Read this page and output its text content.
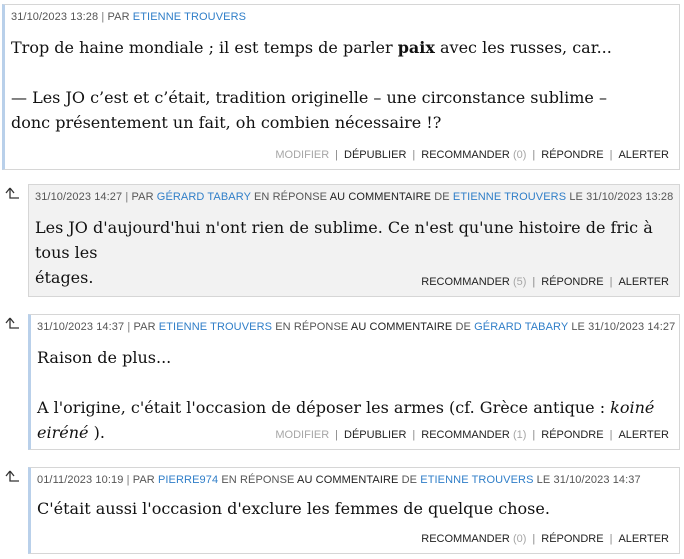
31/10/2023 13:28 | PAR ETIENNE TROUVERS

Trop de haine mondiale ; il est temps de parler paix avec les russes, car...

— Les JO c’est et c’était, tradition originelle – une circonstance sublime –

donc présentement un fait, oh combien nécessaire !?

MODIFIER | DÉPUBLIER | RECOMMANDER (0) | RÉPONDRE | ALERTER
31/10/2023 14:27 | PAR GÉRARD TABARY EN RÉPONSE AU COMMENTAIRE DE ETIENNE TROUVERS LE 31/10/2023 13:28

Les JO d'aujourd'hui n'ont rien de sublime. Ce n'est qu'une histoire de fric à tous les

étages.	RECOMMANDER (5) | RÉPONDRE | ALERTER
31/10/2023 14:37 | PAR ETIENNE TROUVERS EN RÉPONSE AU COMMENTAIRE DE GÉRARD TABARY LE 31/10/2023 14:27

Raison de plus...

A l'origine, c'était l'occasion de déposer les armes (cf. Grèce antique : koiné eiréné ).	MODIFIER | DÉPUBLIER | RECOMMANDER (1) | RÉPONDRE | ALERTER
01/11/2023 10:19 | PAR PIERRE974 EN RÉPONSE AU COMMENTAIRE DE ETIENNE TROUVERS LE 31/10/2023 14:37

C'était aussi l'occasion d'exclure les femmes de quelque chose.

RECOMMANDER (0) | RÉPONDRE | ALERTER
